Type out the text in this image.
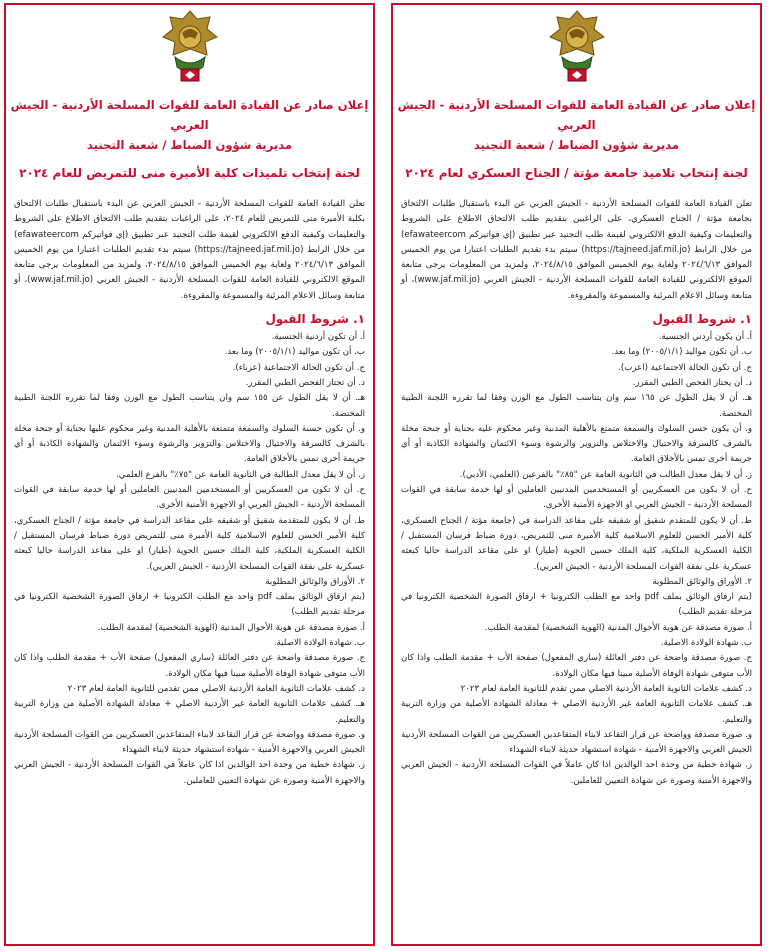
إعلان صادر عن القيادة العامة للقوات المسلحة الأردنية - الجيش العربي
مديرية شؤون الضباط / شعبة التجنيد
لجنة إنتخاب تلاميذ جامعة مؤتة / الجناح العسكري لعام ٢٠٢٤
تعلن القيادة العامة للقوات المسلحة الأردنية - الجيش العربي عن البدء باستقبال طلبات الالتحاق بجامعة مؤتة / الجناح العسكري، على الراغبين بتقديم طلب الالتحاق الاطلاع على الشروط والتعليمات وكيفية الدفع الالكتروني لقيمة طلب التجنيد عبر تطبيق (إي فواتيركم efawateercom) من خلال الرابط (https://tajneed.jaf.mil.jo) سيتم بدء تقديم الطلبات اعتبارا من يوم الخميس الموافق ٢٠٢٤/٦/١٣ ولغاية يوم الخميس الموافق ٢٠٢٤/٨/١٥، ولمزيد من المعلومات يرجى متابعة الموقع الالكتروني للقيادة العامة للقوات المسلحة الأردنية - الجيش العربي (www.jaf.mil.jo)، أو متابعة وسائل الاعلام المرئية والمسموعة والمقروءة.
١. شروط القبول
أ. أن يكون أردني الجنسية.
ب. أن تكون مواليد (٢٠٠٥/١/١) وما بعد.
ج. أن تكون الحالة الاجتماعية (اعزب).
د. أن يجتاز الفحص الطبي المقرر.
هـ. أن لا يقل الطول عن ١٦٥ سم وان يتناسب الطول مع الوزن وفقا لما تقرره اللجنة الطبية المختصة.
و. أن يكون حسن السلوك والسمعة متمتع بالأهلية المدنية وغير محكوم عليه بجناية أو جنحة مخلة بالشرف كالسرقة والاحتيال والاختلاس والتزوير والرشوة وسوء الائتمان والشهادة الكاذبة أو أي جريمة أخرى تمس بالأخلاق العامة.
ز. أن لا يقل معدل الطالب في الثانوية العامة عن "٨٥٪" بالفرعين (العلمي، الأدبي).
ح. أن لا يكون من العسكريين أو المستخدمين المدنيين العاملين أو لها خدمة سابقة في القوات المسلحة الأردنية - الجيش العربي او الاجهزة الأمنية الأخرى.
ط. أن لا يكون للمتقدم شقيق أو شقيقه على مقاعد الدراسة في (جامعة مؤتة / الجناح العسكري، كلية الأمير الحسن للعلوم الاسلامية كلية الأميرة منى للتمريض، دورة ضباط فرسان المستقبل / الكلية العسكرية الملكية، كلية الملك حسين الجوية (طيار) او على مقاعد الدراسة حاليا كبعثه عسكرية على نفقة القوات المسلحة الأردنية - الجيش العربي).
٢. الأوراق والوثائق المطلوبة
(يتم ارفاق الوثائق بملف pdf واحد مع الطلب الكترونيا + ارفاق الصورة الشخصية الكترونيا في مرحلة تقديم الطلب)
أ. صورة مصدقة عن هوية الأحوال المدنية (الهوية الشخصية) لمقدمة الطلب.
ب. شهادة الولادة الاصلية.
ج. صورة مصدقة واضحة عن دفتر العائلة (ساري المفعول) صفحة الأب + مقدمة الطلب واذا كان الأب متوفى شهادة الوفاة الأصلية مبينا فيها مكان الولادة.
د. كشف علامات الثانوية العامة الأردنية الاصلي ممن تقدم للثانوية العامة لعام ٢٠٢٣
هـ. كشف علامات الثانوية العامة غير الأردنية الاصلي + معادلة الشهادة الأصلية من وزارة التربية والتعليم.
و. صورة مصدقة وواضحة عن قرار التقاعد لابناء المتقاعدين العسكريين من القوات المسلحة الأردنية الجيش العربي والاجهزة الأمنية - شهادة استشهاد حديثة لابناء الشهداء
ز. شهادة خطية من وحدة احد الوالدين اذا كان عاملاً في القوات المسلحة الأردنية - الجيش العربي والاجهزة الأمنية وصورة عن شهادة التعيين للعاملين.
إعلان صادر عن القيادة العامة للقوات المسلحة الأردنية - الجيش العربي
مديرية شؤون الضباط / شعبة التجنيد
لجنة إنتخاب تلميذات كلية الأميرة منى للتمريض للعام ٢٠٢٤
تعلن القيادة العامة للقوات المسلحة الأردنية - الجيش العربي عن البدء باستقبال طلبات الالتحاق بكلية الأميرة منى للتمريض للعام ٢٠٢٤، على الراغبات بتقديم طلب الالتحاق الاطلاع على الشروط والتعليمات وكيفية الدفع الالكتروني لقيمة طلب التجنيد عبر تطبيق (إي فواتيركم efawateercom) من خلال الرابط (https://tajneed.jaf.mil.jo) سيتم بدء تقديم الطلبات اعتبارا من يوم الخميس الموافق ٢٠٢٤/٦/١٣ ولغاية يوم الخميس الموافق ٢٠٢٤/٨/١٥، ولمزيد من المعلومات يرجى متابعة الموقع الالكتروني للقيادة العامة للقوات المسلحة الأردنية - الجيش العربي (www.jaf.mil.jo)، أو متابعة وسائل الاعلام المرئية والمسموعة والمقروءة.
١. شروط القبول
أ. أن تكون أردنية الجنسية.
ب. أن تكون مواليد (٢٠٠٥/١/١) وما بعد.
ج. أن تكون الحالة الاجتماعية (عزباء).
د. أن تجتاز الفحص الطبي المقرر.
هـ. أن لا يقل الطول عن ١٥٥ سم وان يتناسب الطول مع الوزن وفقا لما تقرره اللجنة الطبية المختصة.
و. أن تكون حسنة السلوك والسمعة متمتعة بالأهلية المدنية وغير محكوم عليها بجناية أو جنحة مخلة بالشرف كالسرقة والاحتيال والاختلاس والتزوير والرشوة وسوء الائتمان والشهادة الكاذبة أو أي جريمة أخرى تمس بالأخلاق العامة.
ز. أن لا يقل معدل الطالبة في الثانوية العامة عن "٧٥٪" بالفرع العلمي.
ح. أن لا تكون من العسكريين أو المستخدمين المدنيين العاملين أو لها خدمة سابقة في القوات المسلحة الأردنية - الجيش العربي او الاجهزة الأمنية الأخرى.
ط. أن لا يكون للمتقدمة شقيق أو شقيقه على مقاعد الدراسة في جامعة مؤتة / الجناح العسكري، كلية الأمير الحسن للعلوم الاسلامية كلية الأميرة منى للتمريض دورة ضباط فرسان المستقبل / الكلية العسكرية الملكية، كلية الملك حسين الجوية (طيار) او على مقاعد الدراسة حاليا كبعثه عسكرية على نفقة القوات المسلحة الأردنية - الجيش العربي).
٢. الأوراق والوثائق المطلوبة
(يتم ارفاق الوثائق بملف pdf واحد مع الطلب الكترونيا + ارفاق الصورة الشخصية الكترونيا في مرحلة تقديم الطلب)
أ. صورة مصدقة عن هوية الأحوال المدنية (الهوية الشخصية) لمقدمة الطلب.
ب. شهادة الولادة الاصلية.
ج. صورة مصدقة واضحة عن دفتر العائلة (ساري المفعول) صفحة الأب + مقدمة الطلب واذا كان الأب متوفى شهادة الوفاة الأصلية مبينا فيها مكان الولادة.
د. كشف علامات الثانوية العامة الأردنية الاصلي ممن تقدمن للثانوية العامة لعام ٢٠٢٣
هـ. كشف علامات الثانوية العامة غير الأردنية الاصلي + معادلة الشهادة الأصلية من وزارة التربية والتعليم.
و. صورة مصدقة وواضحة عن قرار التقاعد لابناء المتقاعدين العسكريين من القوات المسلحة الأردنية الجيش العربي والاجهزة الأمنية - شهادة استشهاد حديثة لابناء الشهداء
ز. شهادة خطية من وحدة احد الوالدين اذا كان عاملاً في القوات المسلحة الأردنية - الجيش العربي والاجهزة الأمنية وصورة عن شهادة التعيين للعاملين.
